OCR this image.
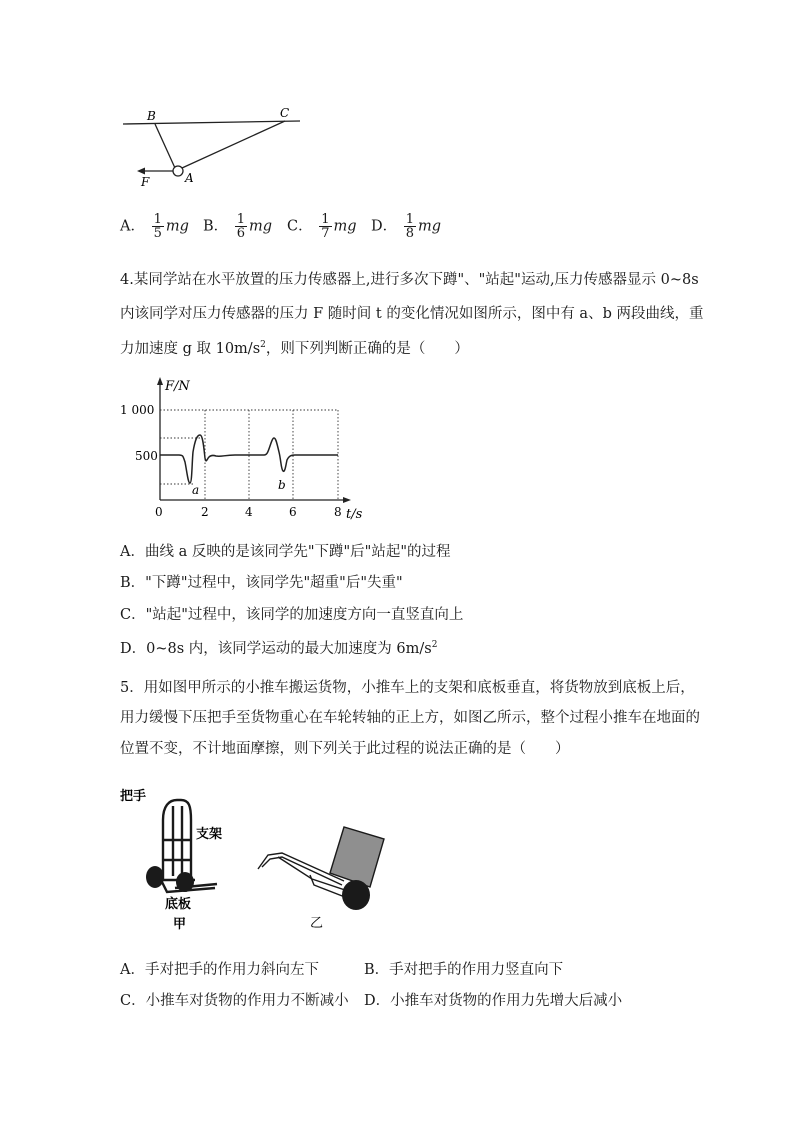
B	C
A
F
A． $\frac{1}{5}$ mg B． $\frac{1}{6}$ mg C． $\frac{1}{7}$ mg D． $\frac{1}{8}$ mg
4.某同学站在水平放置的压力传感器上,进行多次下蹲"、"站起"运动,压力传感器显示 0~8s
内该同学对压力传感器的压力 F 随时间 t 的变化情况如图所示，图中有 a、b 两段曲线，重
力加速度 g 取 $10m/s^2$，则下列判断正确的是（　　）
1 000
500
0	2	4	6	8
F/N
t/s
a	b
A．曲线 a 反映的是该同学先"下蹲"后"站起"的过程
B．"下蹲"过程中，该同学先"超重"后"失重"
C．"站起"过程中，该同学的加速度方向一直竖直向上
D．0~8s 内，该同学运动的最大加速度为 $6m/s^2$
5．用如图甲所示的小推车搬运货物，小推车上的支架和底板垂直，将货物放到底板上后，
用力缓慢下压把手至货物重心在车轮转轴的正上方，如图乙所示，整个过程小推车在地面的
位置不变，不计地面摩擦，则下列关于此过程的说法正确的是（　　）
把手
支架
底板
甲	乙
A．手对把手的作用力斜向左下	B．手对把手的作用力竖直向下
C．小推车对货物的作用力不断减小 D．小推车对货物的作用力先增大后减小
